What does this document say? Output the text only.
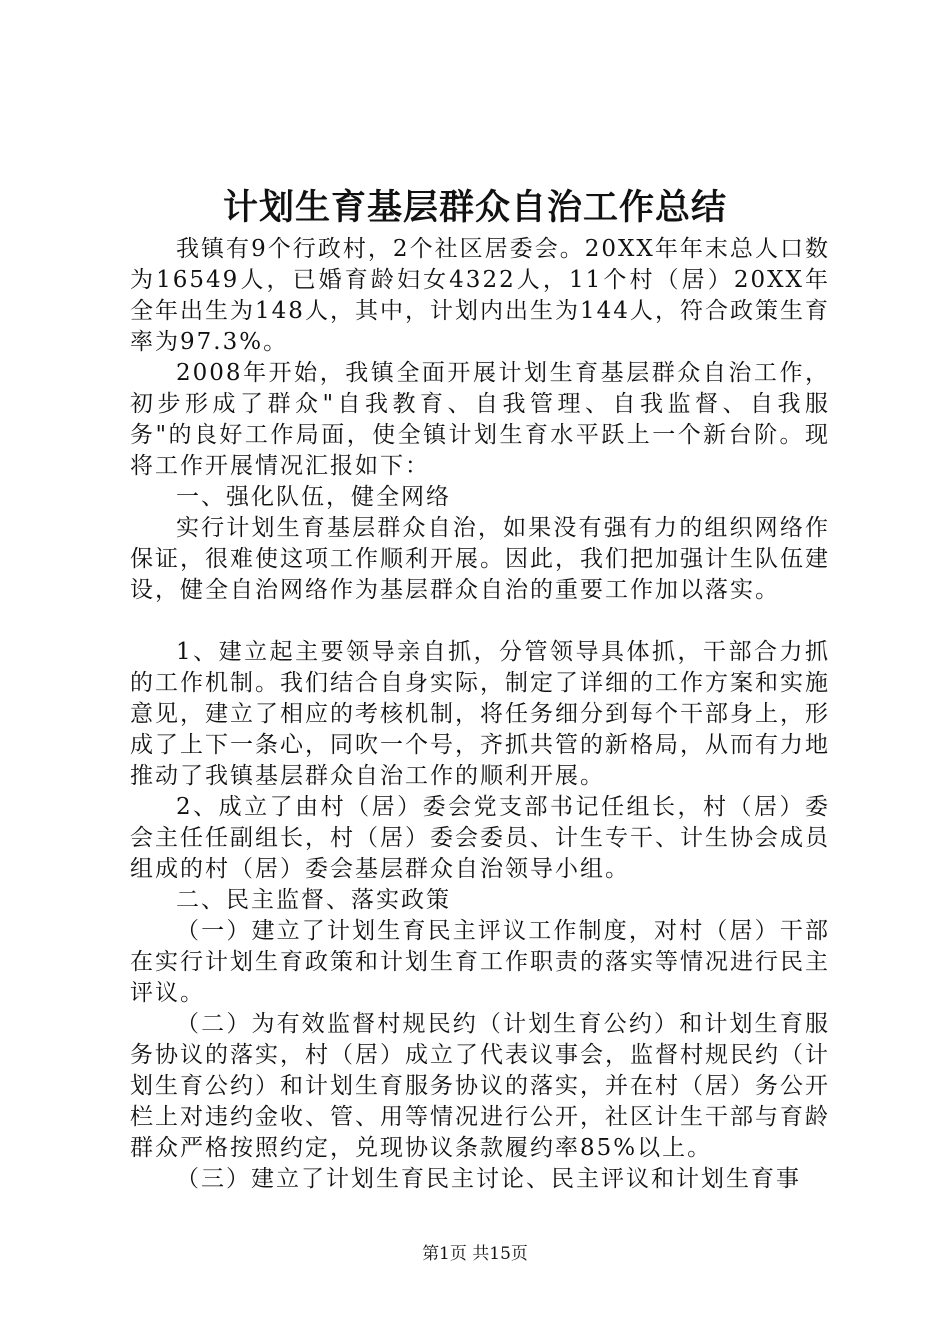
计划生育基层群众自治工作总结

我镇有9个行政村，2个社区居委会。20XX年年末总人口数为16549人，已婚育龄妇女4322人，11个村（居）20XX年全年出生为148人，其中，计划内出生为144人，符合政策生育率为97.3%。

2008年开始，我镇全面开展计划生育基层群众自治工作，初步形成了群众"自我教育、自我管理、自我监督、自我服务"的良好工作局面，使全镇计划生育水平跃上一个新台阶。现将工作开展情况汇报如下：

一、强化队伍，健全网络

实行计划生育基层群众自治，如果没有强有力的组织网络作保证，很难使这项工作顺利开展。因此，我们把加强计生队伍建设，健全自治网络作为基层群众自治的重要工作加以落实。

1、建立起主要领导亲自抓，分管领导具体抓，干部合力抓的工作机制。我们结合自身实际，制定了详细的工作方案和实施意见，建立了相应的考核机制，将任务细分到每个干部身上，形成了上下一条心，同吹一个号，齐抓共管的新格局，从而有力地推动了我镇基层群众自治工作的顺利开展。

2、成立了由村（居）委会党支部书记任组长，村（居）委会主任任副组长，村（居）委会委员、计生专干、计生协会成员组成的村（居）委会基层群众自治领导小组。

二、民主监督、落实政策

（一）建立了计划生育民主评议工作制度，对村（居）干部在实行计划生育政策和计划生育工作职责的落实等情况进行民主评议。

（二）为有效监督村规民约（计划生育公约）和计划生育服务协议的落实，村（居）成立了代表议事会，监督村规民约（计划生育公约）和计划生育服务协议的落实，并在村（居）务公开栏上对违约金收、管、用等情况进行公开，社区计生干部与育龄群众严格按照约定，兑现协议条款履约率85%以上。

（三）建立了计划生育民主讨论、民主评议和计划生育事

第1页 共15页
